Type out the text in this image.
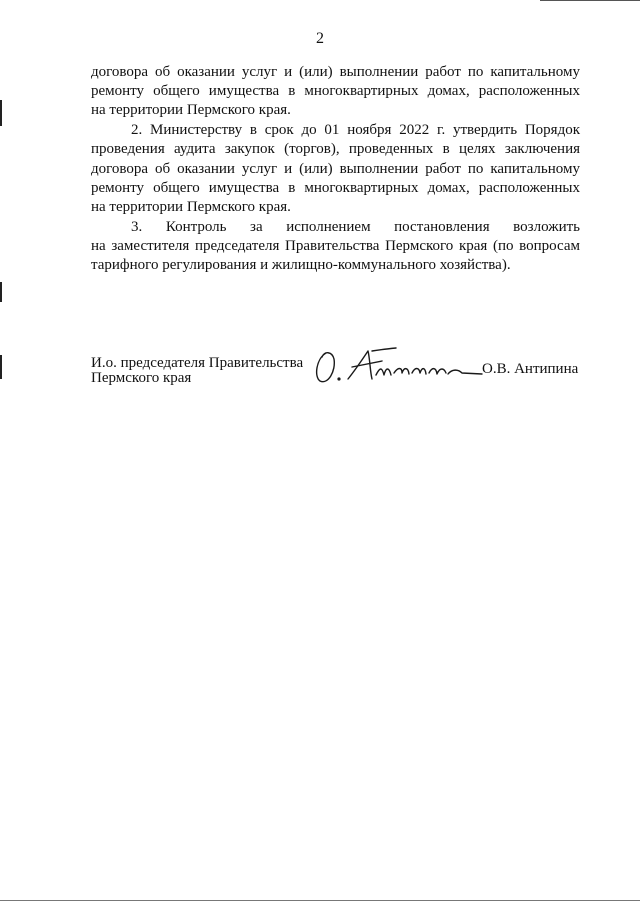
2
договора об оказании услуг и (или) выполнении работ по капитальному
ремонту общего имущества в многоквартирных домах, расположенных
на территории Пермского края.
2. Министерству в срок до 01 ноября 2022 г. утвердить Порядок
проведения аудита закупок (торгов), проведенных в целях заключения
договора об оказании услуг и (или) выполнении работ по капитальному
ремонту общего имущества в многоквартирных домах, расположенных
на территории Пермского края.
3. Контроль за исполнением постановления возложить
на заместителя председателя Правительства Пермского края (по вопросам
тарифного регулирования и жилищно-коммунального хозяйства).
И.о. председателя Правительства
Пермского края
О.В. Антипина
